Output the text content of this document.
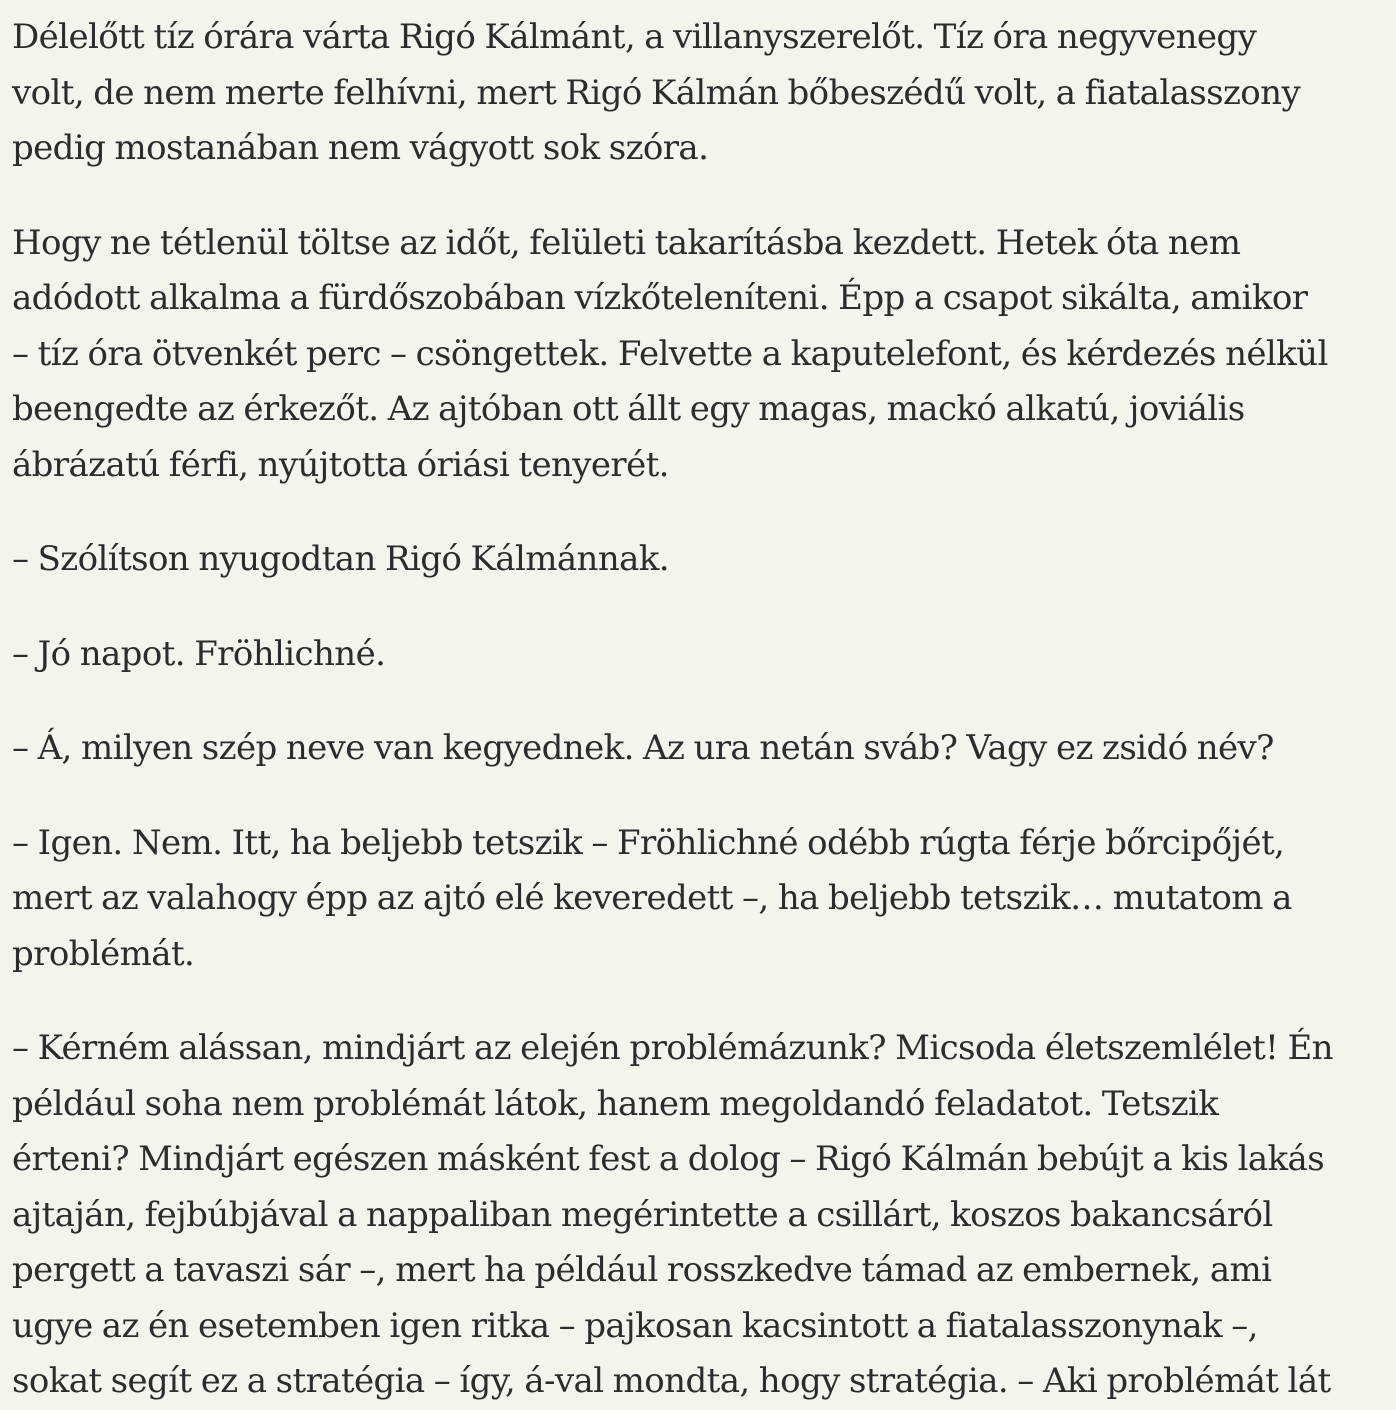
Délelőtt tíz órára várta Rigó Kálmánt, a villanyszerelőt. Tíz óra negyvenegy
volt, de nem merte felhívni, mert Rigó Kálmán bőbeszédű volt, a fiatalasszony
pedig mostanában nem vágyott sok szóra.

Hogy ne tétlenül töltse az időt, felületi takarításba kezdett. Hetek óta nem
adódott alkalma a fürdőszobában vízkőteleníteni. Épp a csapot sikálta, amikor
– tíz óra ötvenkét perc – csöngettek. Felvette a kaputelefont, és kérdezés nélkül
beengedte az érkezőt. Az ajtóban ott állt egy magas, mackó alkatú, joviális
ábrázatú férfi, nyújtotta óriási tenyerét.

– Szólítson nyugodtan Rigó Kálmánnak.

– Jó napot. Fröhlichné.

– Á, milyen szép neve van kegyednek. Az ura netán sváb? Vagy ez zsidó név?

– Igen. Nem. Itt, ha beljebb tetszik – Fröhlichné odébb rúgta férje bőrcipőjét,
mert az valahogy épp az ajtó elé keveredett –, ha beljebb tetszik… mutatom a
problémát.

– Kérném alássan, mindjárt az elején problémázunk? Micsoda életszemlélet! Én
például soha nem problémát látok, hanem megoldandó feladatot. Tetszik
érteni? Mindjárt egészen másként fest a dolog – Rigó Kálmán bebújt a kis lakás
ajtaján, fejbúbjával a nappaliban megérintette a csillárt, koszos bakancsáról
pergett a tavaszi sár –, mert ha például rosszkedve támad az embernek, ami
ugye az én esetemben igen ritka – pajkosan kacsintott a fiatalasszonynak –,
sokat segít ez a stratégia – így, á-val mondta, hogy stratégia. – Aki problémát lát
